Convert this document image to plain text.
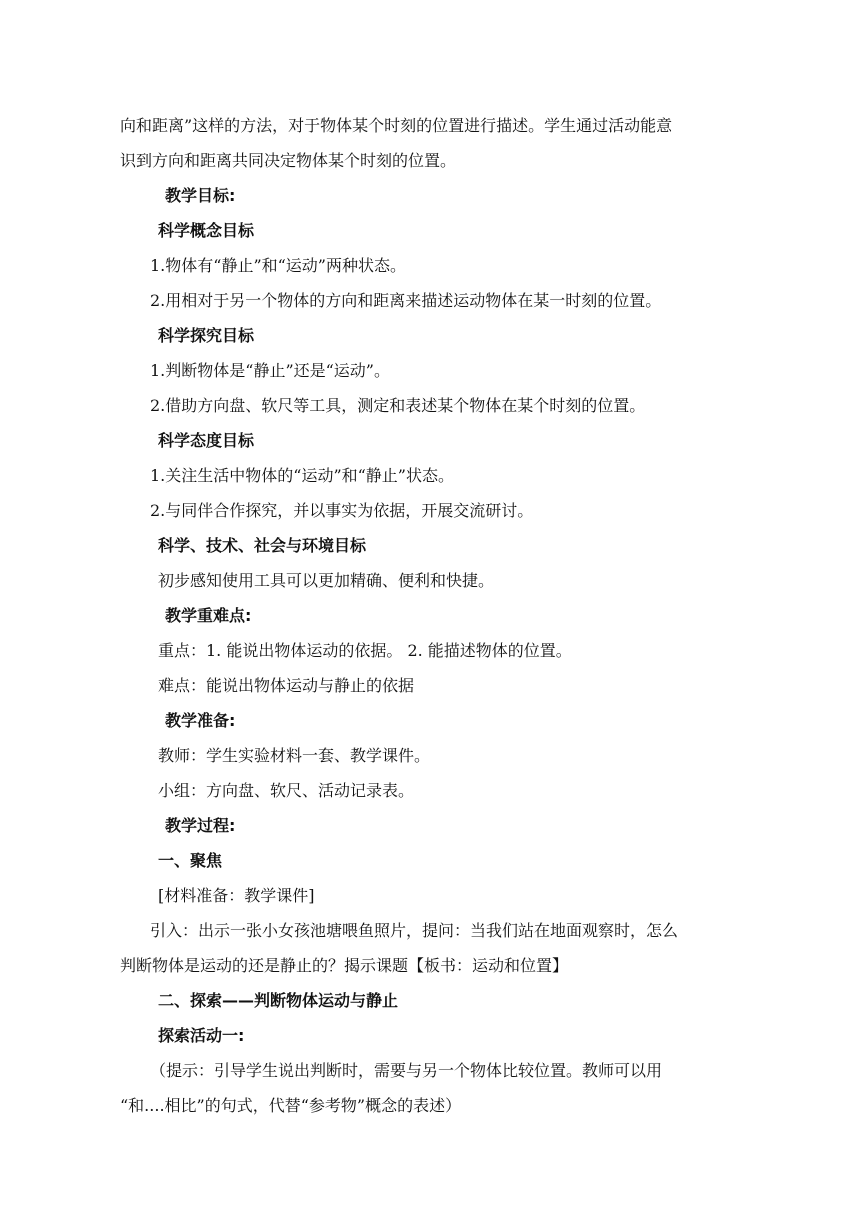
向和距离”这样的方法，对于物体某个时刻的位置进行描述。学生通过活动能意
识到方向和距离共同决定物体某个时刻的位置。
教学目标:
科学概念目标
1.物体有“静止”和“运动”两种状态。
2.用相对于另一个物体的方向和距离来描述运动物体在某一时刻的位置。
科学探究目标
1.判断物体是“静止”还是“运动”。
2.借助方向盘、软尺等工具，测定和表述某个物体在某个时刻的位置。
科学态度目标
1.关注生活中物体的“运动”和“静止”状态。
2.与同伴合作探究，并以事实为依据，开展交流研讨。
科学、技术、社会与环境目标
初步感知使用工具可以更加精确、便利和快捷。
教学重难点:
重点：1. 能说出物体运动的依据。 2. 能描述物体的位置。
难点：能说出物体运动与静止的依据
教学准备:
教师：学生实验材料一套、教学课件。
小组：方向盘、软尺、活动记录表。
教学过程:
一、聚焦
[材料准备：教学课件]
引入：出示一张小女孩池塘喂鱼照片，提问：当我们站在地面观察时，怎么
判断物体是运动的还是静止的？揭示课题【板书：运动和位置】
二、探索——判断物体运动与静止
探索活动一:
（提示：引导学生说出判断时，需要与另一个物体比较位置。教师可以用
“和....相比”的句式，代替“参考物”概念的表述）
